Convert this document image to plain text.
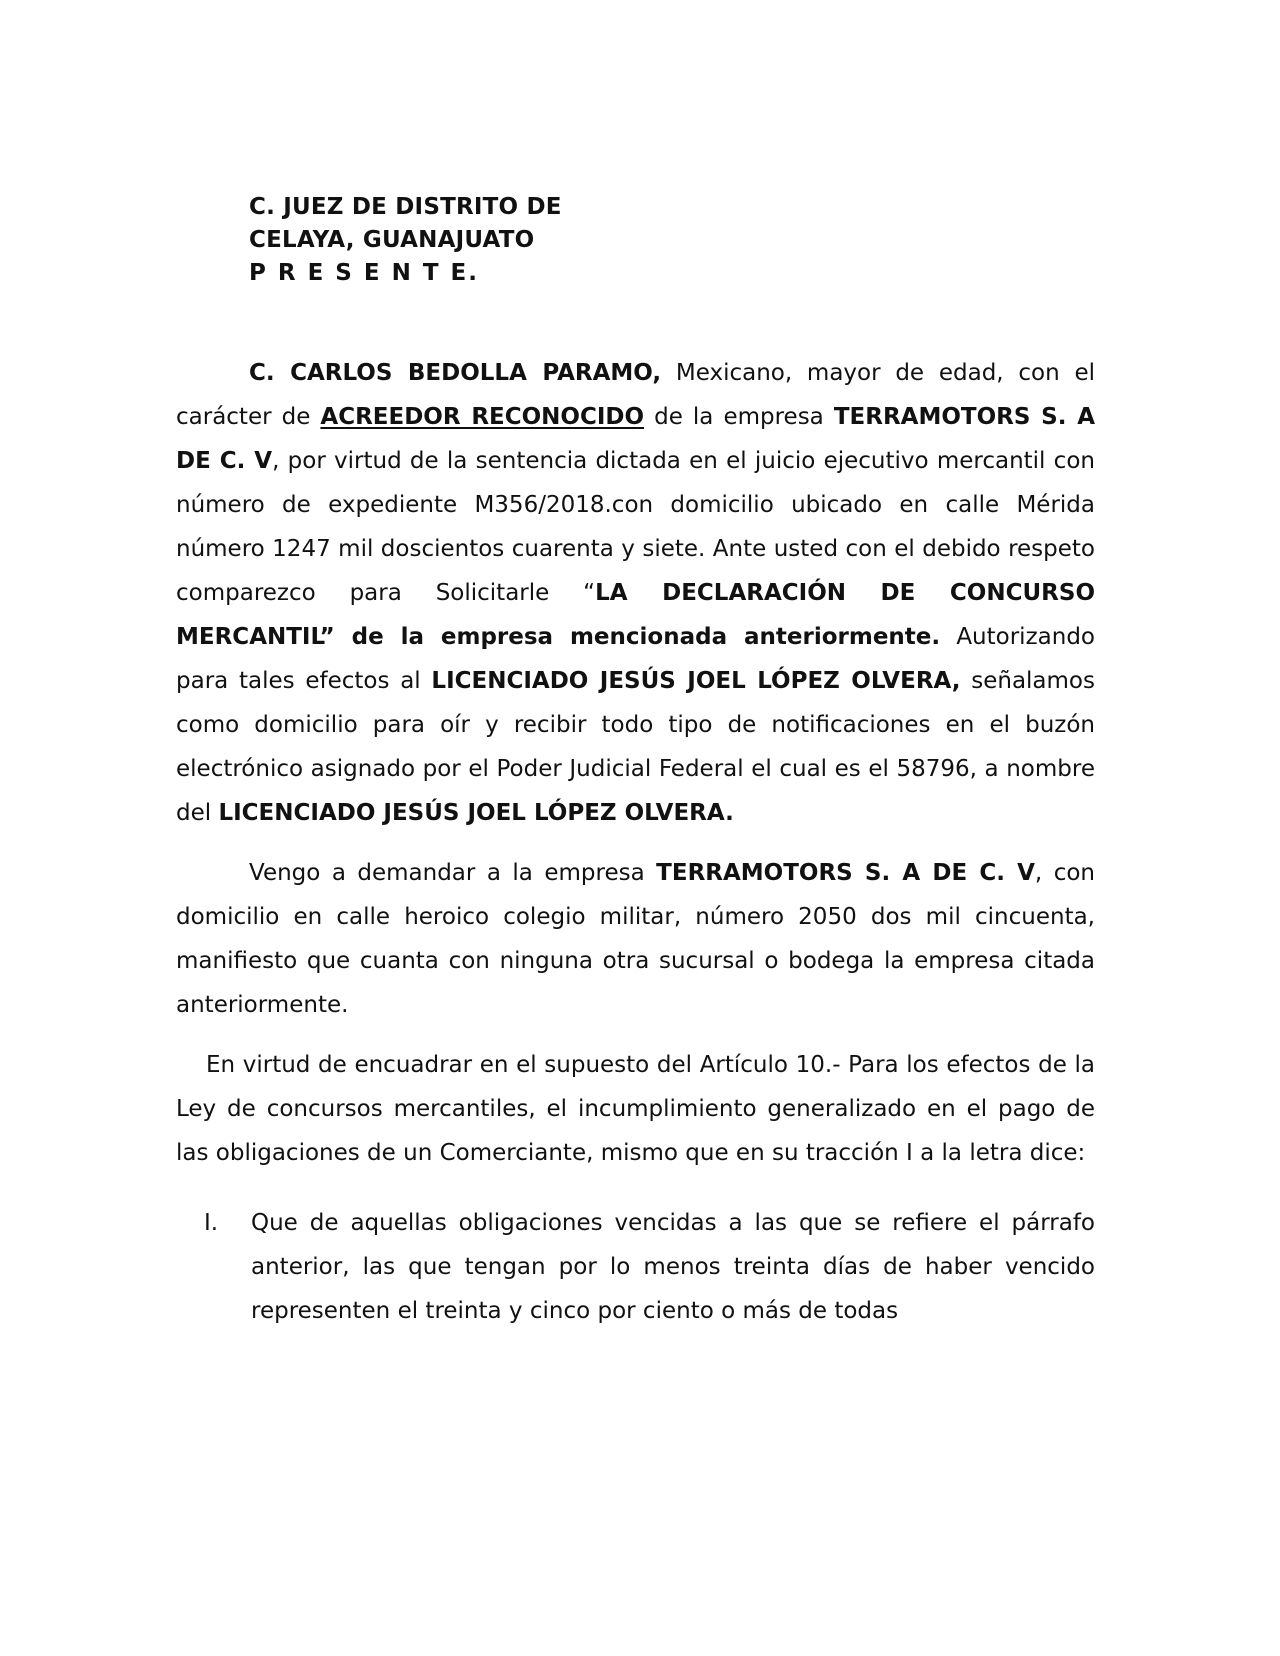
C. JUEZ DE DISTRITO DE
CELAYA, GUANAJUATO
P R E S E N T E.

C. CARLOS BEDOLLA PARAMO, Mexicano, mayor de edad, con el carácter de ACREEDOR RECONOCIDO de la empresa TERRAMOTORS S. A DE C. V, por virtud de la sentencia dictada en el juicio ejecutivo mercantil con número de expediente M356/2018.con domicilio ubicado en calle Mérida número 1247 mil doscientos cuarenta y siete. Ante usted con el debido respeto comparezco para Solicitarle “LA DECLARACIÓN DE CONCURSO MERCANTIL” de la empresa mencionada anteriormente. Autorizando para tales efectos al LICENCIADO JESÚS JOEL LÓPEZ OLVERA, señalamos como domicilio para oír y recibir todo tipo de notificaciones en el buzón electrónico asignado por el Poder Judicial Federal el cual es el 58796, a nombre del LICENCIADO JESÚS JOEL LÓPEZ OLVERA.

Vengo a demandar a la empresa TERRAMOTORS S. A DE C. V, con domicilio en calle heroico colegio militar, número 2050 dos mil cincuenta, manifiesto que cuanta con ninguna otra sucursal o bodega la empresa citada anteriormente.

En virtud de encuadrar en el supuesto del Artículo 10.- Para los efectos de la Ley de concursos mercantiles, el incumplimiento generalizado en el pago de las obligaciones de un Comerciante, mismo que en su tracción I a la letra dice:

I.	Que de aquellas obligaciones vencidas a las que se refiere el párrafo anterior, las que tengan por lo menos treinta días de haber vencido representen el treinta y cinco por ciento o más de todas
